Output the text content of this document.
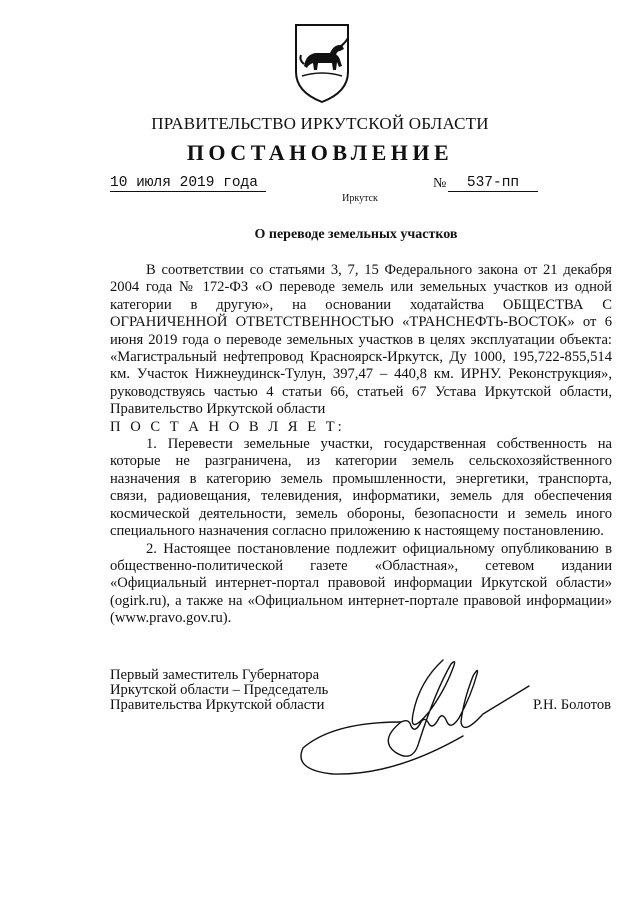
ПРАВИТЕЛЬСТВО ИРКУТСКОЙ ОБЛАСТИ
ПОСТАНОВЛЕНИЕ
10 июля 2019 года	№	537-пп
Иркутск
О переводе земельных участков

В соответствии со статьями 3, 7, 15 Федерального закона от 21 декабря 2004 года № 172-ФЗ «О переводе земель или земельных участков из одной категории в другую», на основании ходатайства ОБЩЕСТВА С ОГРАНИЧЕННОЙ ОТВЕТСТВЕННОСТЬЮ «ТРАНСНЕФТЬ-ВОСТОК» от 6 июня 2019 года о переводе земельных участков в целях эксплуатации объекта: «Магистральный нефтепровод Красноярск-Иркутск, Ду 1000, 195,722-855,514 км. Участок Нижнеудинск-Тулун, 397,47 – 440,8 км. ИРНУ. Реконструкция», руководствуясь частью 4 статьи 66, статьей 67 Устава Иркутской области, Правительство Иркутской области

П О С Т А Н О В Л Я Е Т:

1. Перевести земельные участки, государственная собственность на которые не разграничена, из категории земель сельскохозяйственного назначения в категорию земель промышленности, энергетики, транспорта, связи, радиовещания, телевидения, информатики, земель для обеспечения космической деятельности, земель обороны, безопасности и земель иного специального назначения согласно приложению к настоящему постановлению.

2. Настоящее постановление подлежит официальному опубликованию в общественно-политической газете «Областная», сетевом издании «Официальный интернет-портал правовой информации Иркутской области» (ogirk.ru), а также на «Официальном интернет-портале правовой информации» (www.pravo.gov.ru).

Первый заместитель Губернатора
Иркутской области – Председатель
Правительства Иркутской области	Р.Н. Болотов
